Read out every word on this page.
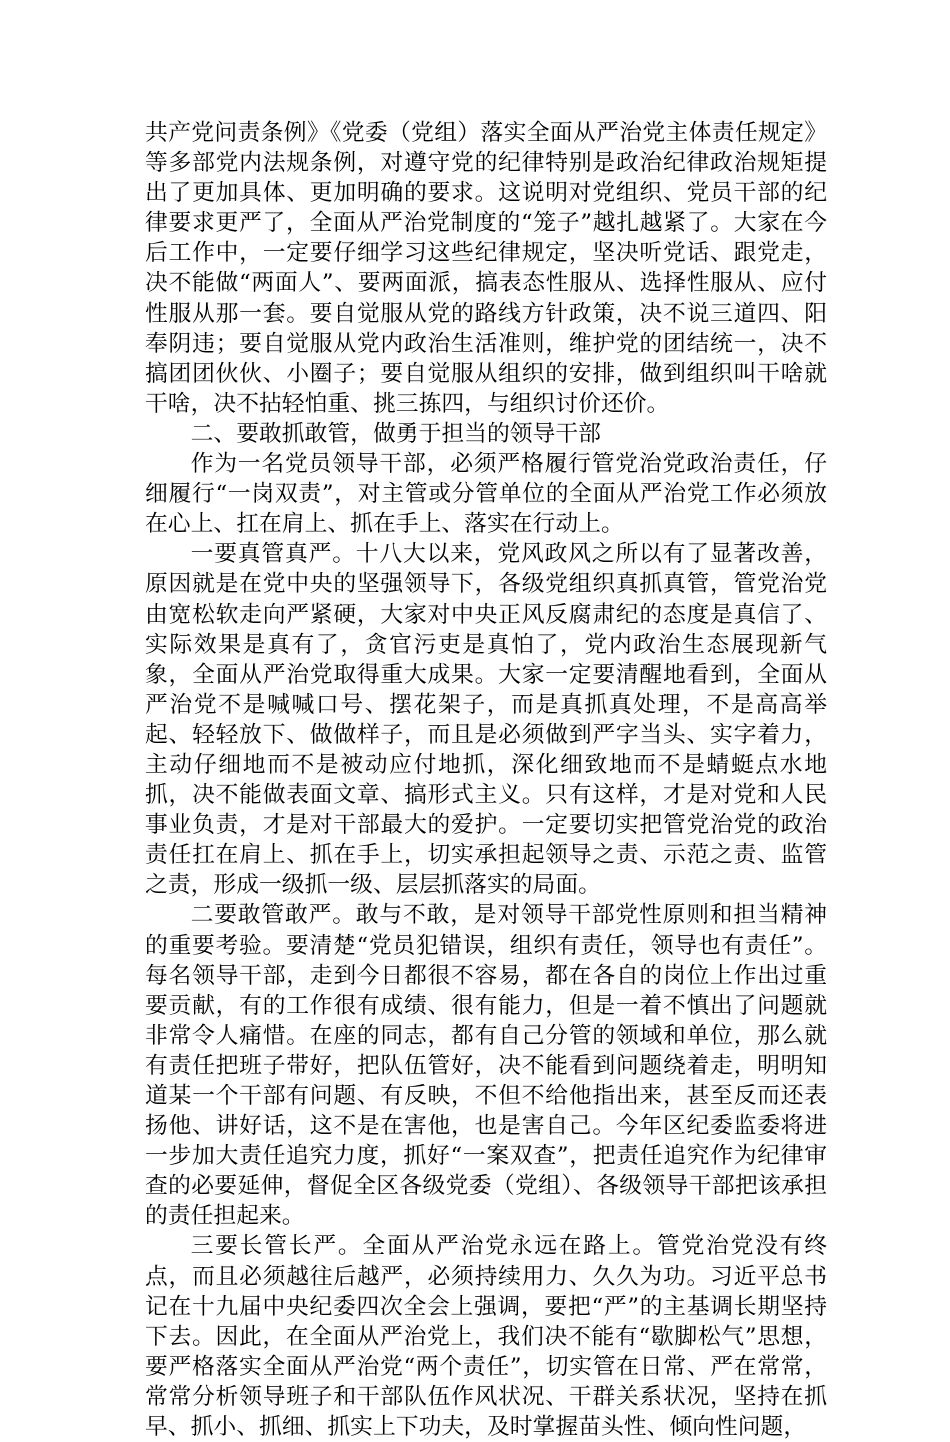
共产党问责条例》《党委（党组）落实全面从严治党主体责任规定》等多部党内法规条例，对遵守党的纪律特别是政治纪律政治规矩提出了更加具体、更加明确的要求。这说明对党组织、党员干部的纪律要求更严了，全面从严治党制度的“笼子”越扎越紧了。大家在今后工作中，一定要仔细学习这些纪律规定，坚决听党话、跟党走，决不能做“两面人”、要两面派，搞表态性服从、选择性服从、应付性服从那一套。要自觉服从党的路线方针政策，决不说三道四、阳奉阴违；要自觉服从党内政治生活准则，维护党的团结统一，决不搞团团伙伙、小圈子；要自觉服从组织的安排，做到组织叫干啥就干啥，决不拈轻怕重、挑三拣四，与组织讨价还价。

二、要敢抓敢管，做勇于担当的领导干部

作为一名党员领导干部，必须严格履行管党治党政治责任，仔细履行“一岗双责”，对主管或分管单位的全面从严治党工作必须放在心上、扛在肩上、抓在手上、落实在行动上。

一要真管真严。十八大以来，党风政风之所以有了显著改善，原因就是在党中央的坚强领导下，各级党组织真抓真管，管党治党由宽松软走向严紧硬，大家对中央正风反腐肃纪的态度是真信了、实际效果是真有了，贪官污吏是真怕了，党内政治生态展现新气象，全面从严治党取得重大成果。大家一定要清醒地看到，全面从严治党不是喊喊口号、摆花架子，而是真抓真处理，不是高高举起、轻轻放下、做做样子，而且是必须做到严字当头、实字着力，主动仔细地而不是被动应付地抓，深化细致地而不是蜻蜓点水地抓，决不能做表面文章、搞形式主义。只有这样，才是对党和人民事业负责，才是对干部最大的爱护。一定要切实把管党治党的政治责任扛在肩上、抓在手上，切实承担起领导之责、示范之责、监管之责，形成一级抓一级、层层抓落实的局面。

二要敢管敢严。敢与不敢，是对领导干部党性原则和担当精神的重要考验。要清楚“党员犯错误，组织有责任，领导也有责任”。每名领导干部，走到今日都很不容易，都在各自的岗位上作出过重要贡献，有的工作很有成绩、很有能力，但是一着不慎出了问题就非常令人痛惜。在座的同志，都有自己分管的领域和单位，那么就有责任把班子带好，把队伍管好，决不能看到问题绕着走，明明知道某一个干部有问题、有反映，不但不给他指出来，甚至反而还表扬他、讲好话，这不是在害他，也是害自己。今年区纪委监委将进一步加大责任追究力度，抓好“一案双查”，把责任追究作为纪律审查的必要延伸，督促全区各级党委（党组）、各级领导干部把该承担的责任担起来。

三要长管长严。全面从严治党永远在路上。管党治党没有终点，而且必须越往后越严，必须持续用力、久久为功。习近平总书记在十九届中央纪委四次全会上强调，要把“严”的主基调长期坚持下去。因此，在全面从严治党上，我们决不能有“歇脚松气”思想，要严格落实全面从严治党“两个责任”，切实管在日常、严在常常，常常分析领导班子和干部队伍作风状况、干群关系状况，坚持在抓早、抓小、抓细、抓实上下功夫，及时掌握苗头性、倾向性问题，
